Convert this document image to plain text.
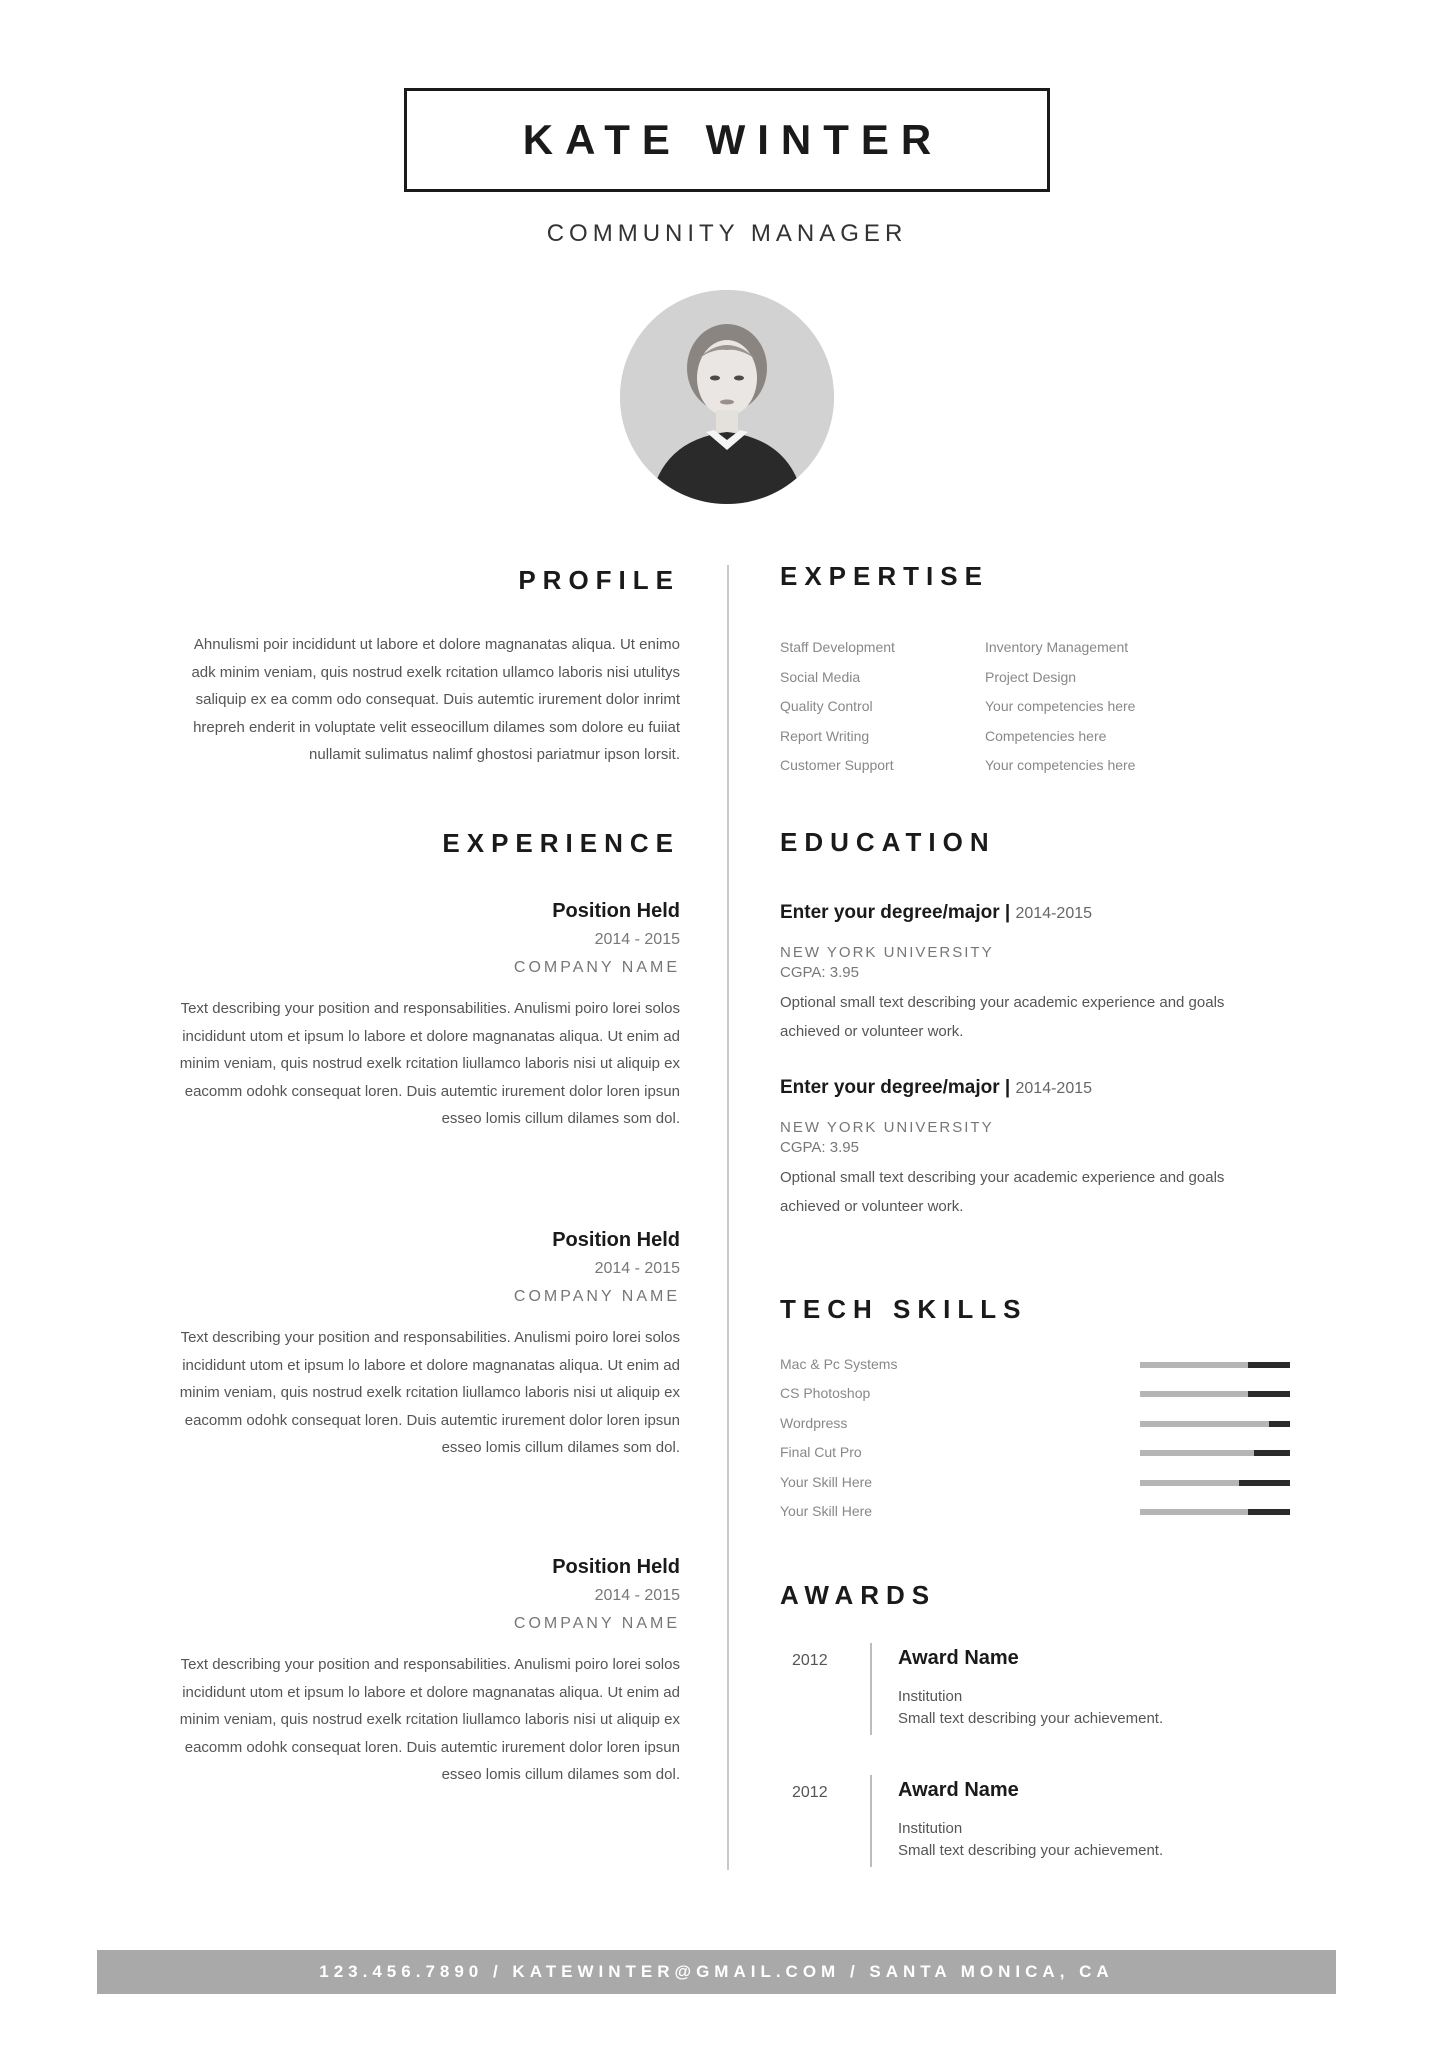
KATE WINTER
COMMUNITY MANAGER
PROFILE
Ahnulismi poir incididunt ut labore et dolore magnanatas aliqua. Ut enimo
adk minim veniam, quis nostrud exelk rcitation ullamco laboris nisi utulitys
saliquip ex ea comm odo consequat. Duis autemtic irurement dolor inrimt
hrepreh enderit in voluptate velit esseocillum dilames som dolore eu fuiiat
nullamit sulimatus nalimf ghostosi pariatmur ipson lorsit.
EXPERIENCE
Position Held
2014 - 2015
COMPANY NAME
Text describing your position and responsabilities. Anulismi poiro lorei solos
incididunt utom et ipsum lo labore et dolore magnanatas aliqua. Ut enim ad
minim veniam, quis nostrud exelk rcitation liullamco laboris nisi ut aliquip ex
eacomm odohk consequat loren. Duis autemtic irurement dolor loren ipsun
esseo lomis cillum dilames som dol.
Position Held
2014 - 2015
COMPANY NAME
Text describing your position and responsabilities. Anulismi poiro lorei solos
incididunt utom et ipsum lo labore et dolore magnanatas aliqua. Ut enim ad
minim veniam, quis nostrud exelk rcitation liullamco laboris nisi ut aliquip ex
eacomm odohk consequat loren. Duis autemtic irurement dolor loren ipsun
esseo lomis cillum dilames som dol.
Position Held
2014 - 2015
COMPANY NAME
Text describing your position and responsabilities. Anulismi poiro lorei solos
incididunt utom et ipsum lo labore et dolore magnanatas aliqua. Ut enim ad
minim veniam, quis nostrud exelk rcitation liullamco laboris nisi ut aliquip ex
eacomm odohk consequat loren. Duis autemtic irurement dolor loren ipsun
esseo lomis cillum dilames som dol.
EXPERTISE
Staff Development
Social Media
Quality Control
Report Writing
Customer Support
Inventory Management
Project Design
Your competencies here
Competencies here
Your competencies here
EDUCATION
Enter your degree/major | 2014-2015
NEW YORK UNIVERSITY
CGPA: 3.95
Optional small text describing your academic experience and goals
achieved or volunteer work.
Enter your degree/major | 2014-2015
NEW YORK UNIVERSITY
CGPA: 3.95
Optional small text describing your academic experience and goals
achieved or volunteer work.
TECH SKILLS
Mac & Pc Systems
CS Photoshop
Wordpress
Final Cut Pro
Your Skill Here
Your Skill Here
AWARDS
2012	Award Name
Institution
Small text describing your achievement.
2012	Award Name
Institution
Small text describing your achievement.
123.456.7890 / KATEWINTER@GMAIL.COM / SANTA MONICA, CA
